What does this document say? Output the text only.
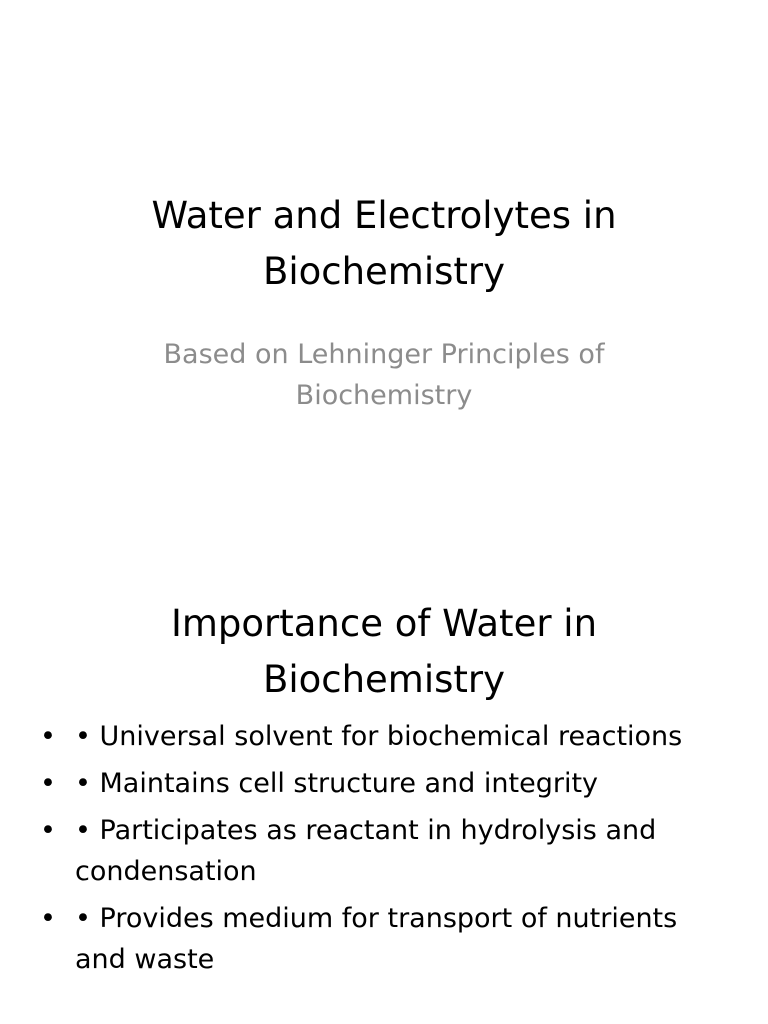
Water and Electrolytes in Biochemistry

Based on Lehninger Principles of Biochemistry

Importance of Water in Biochemistry
• • Universal solvent for biochemical reactions
• • Maintains cell structure and integrity
• • Participates as reactant in hydrolysis and condensation
• • Provides medium for transport of nutrients and waste
